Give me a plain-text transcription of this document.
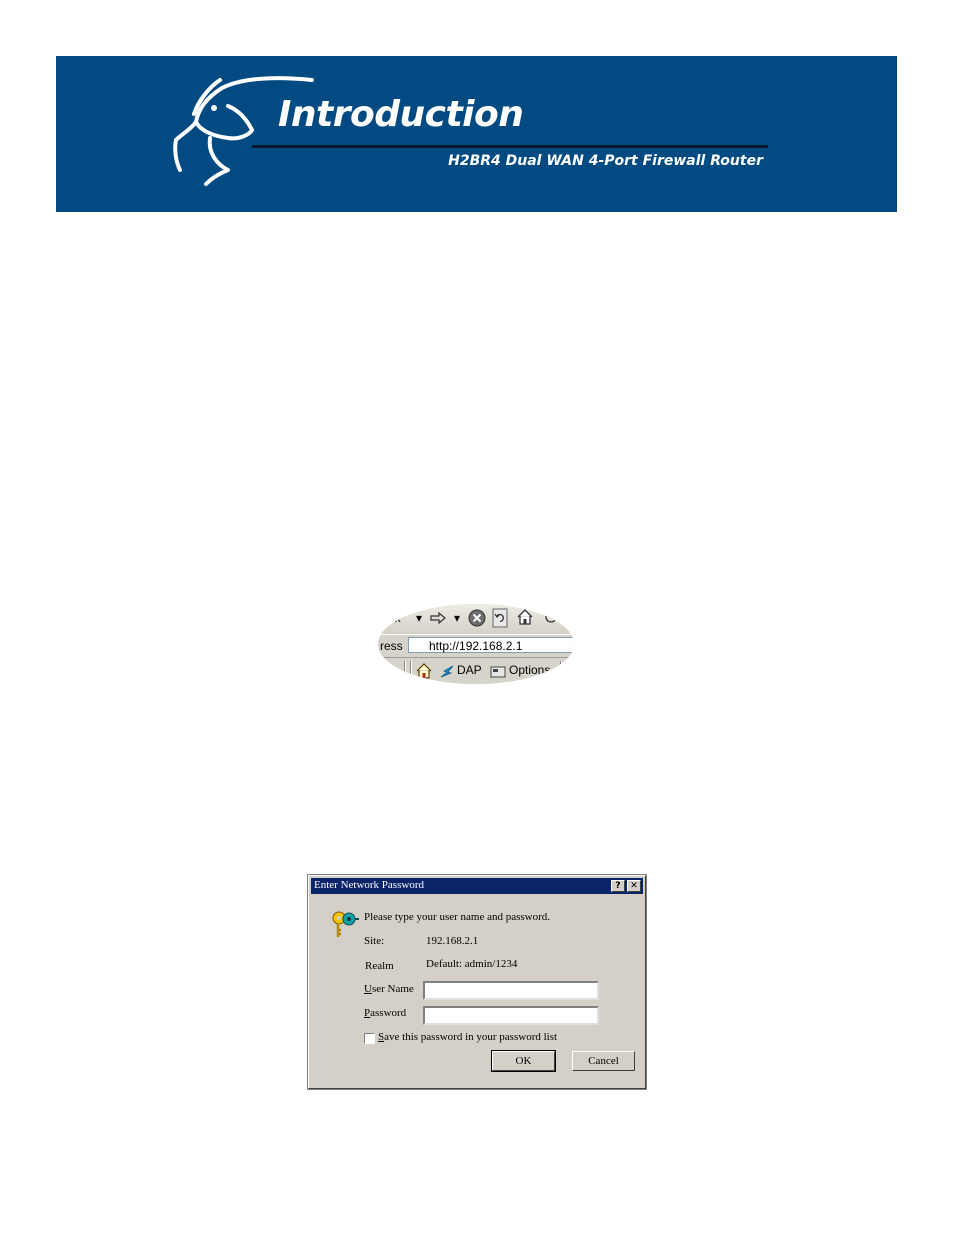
Introduction
H2BR4 Dual WAN 4-Port Firewall Router
ack ▾	▾
ress	http://192.168.2.1
DAP Options
Enter Network Password	?	✕
Please type your user name and password.
Site:	192.168.2.1
Realm	Default: admin/1234
User Name
Password
Save this password in your password list
OK	Cancel
